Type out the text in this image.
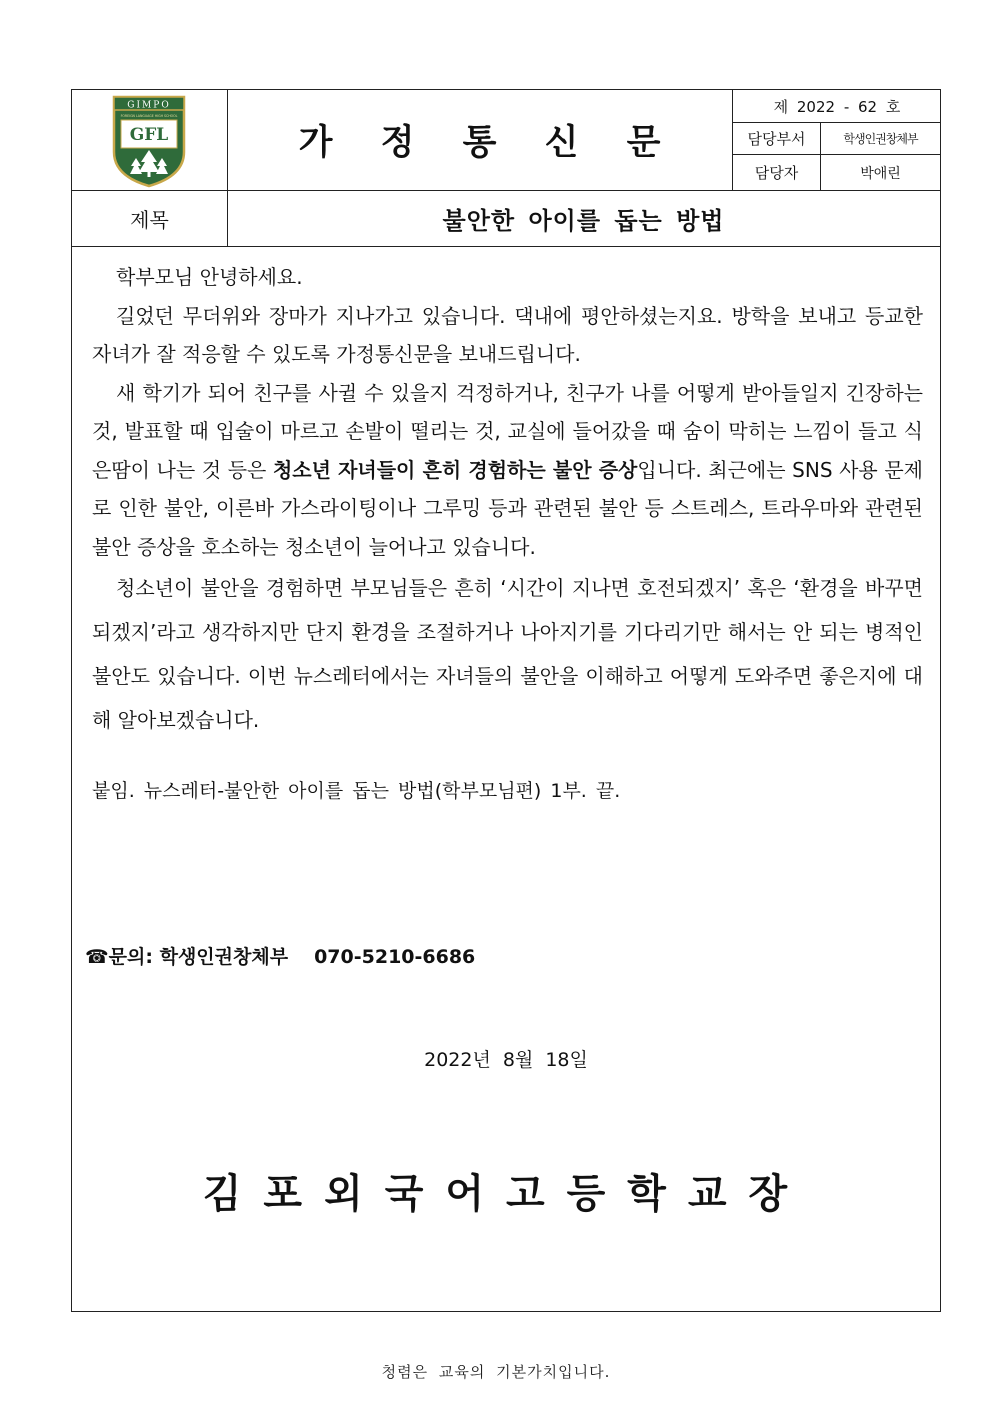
GIMPO
FOREIGN LANGUAGE HIGH SCHOOL
GFL	가 정 통 신 문
제 2022 - 62 호
담당부서	학생인권창체부
담당자	박애린
제목	불안한 아이를 돕는 방법

학부모님 안녕하세요.

길었던 무더위와 장마가 지나가고 있습니다. 댁내에 평안하셨는지요. 방학을 보내고 등교한 자녀가 잘 적응할 수 있도록 가정통신문을 보내드립니다.

새 학기가 되어 친구를 사귈 수 있을지 걱정하거나, 친구가 나를 어떻게 받아들일지 긴장하는 것, 발표할 때 입술이 마르고 손발이 떨리는 것, 교실에 들어갔을 때 숨이 막히는 느낌이 들고 식은땀이 나는 것 등은 청소년 자녀들이 흔히 경험하는 불안 증상입니다. 최근에는 SNS 사용 문제로 인한 불안, 이른바 가스라이팅이나 그루밍 등과 관련된 불안 등 스트레스, 트라우마와 관련된 불안 증상을 호소하는 청소년이 늘어나고 있습니다.

청소년이 불안을 경험하면 부모님들은 흔히 ‘시간이 지나면 호전되겠지’ 혹은 ‘환경을 바꾸면 되겠지’라고 생각하지만 단지 환경을 조절하거나 나아지기를 기다리기만 해서는 안 되는 병적인 불안도 있습니다. 이번 뉴스레터에서는 자녀들의 불안을 이해하고 어떻게 도와주면 좋은지에 대해 알아보겠습니다.

붙임. 뉴스레터-불안한 아이를 돕는 방법(학부모님편) 1부. 끝.
☎문의: 학생인권창체부 070-5210-6686
2022년 8월 18일
김포외국어고등학교장
청렴은 교육의 기본가치입니다.
